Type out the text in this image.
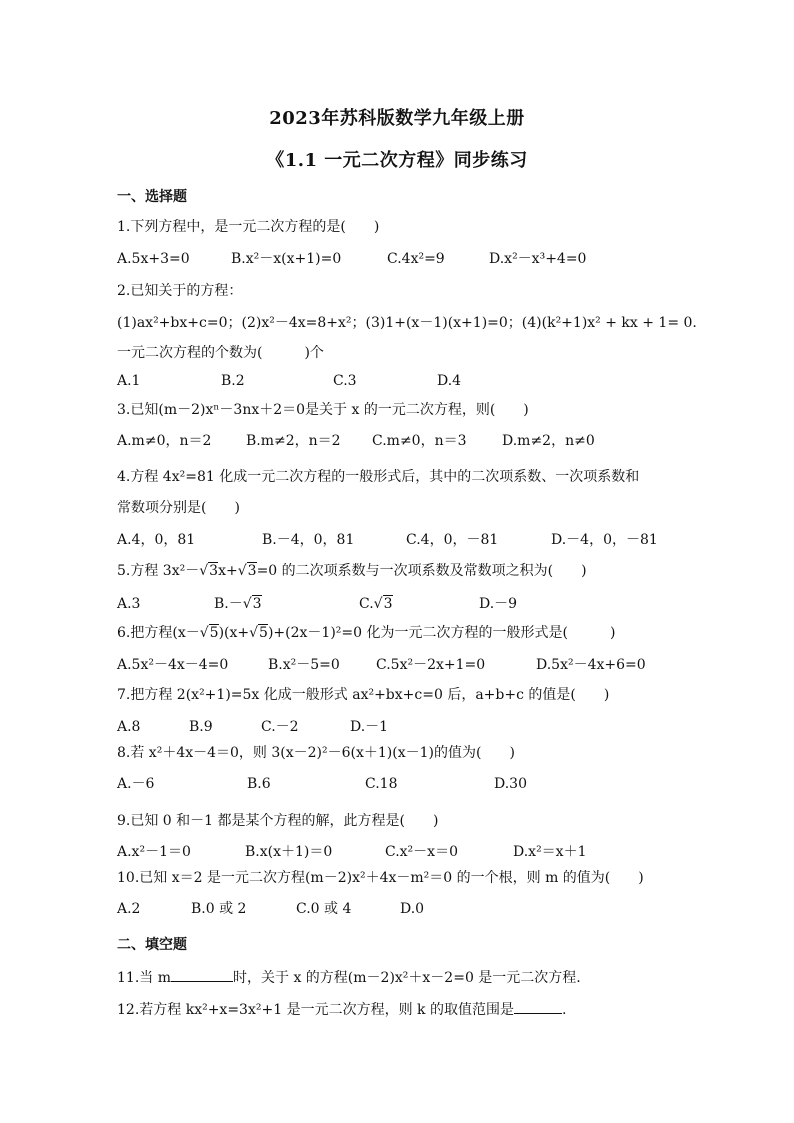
2023年苏科版数学九年级上册
《1.1 一元二次方程》同步练习
一、选择题
1.下列方程中，是一元二次方程的是(　　)
A.5x+3=0	B.x²－x(x+1)=0	C.4x²=9	D.x²－x³+4=0
2.已知关于的方程：
(1)ax²+bx+c=0；(2)x²－4x=8+x²；(3)1+(x－1)(x+1)=0；(4)(k²+1)x² + kx + 1= 0.
一元二次方程的个数为(　　　)个
A.1	B.2	C.3	D.4
3.已知(m－2)xⁿ－3nx＋2＝0是关于 x 的一元二次方程，则(　　)
A.m≠0，n＝2 B.m≠2，n＝2 C.m≠0，n＝3	D.m≠2，n≠0
4.方程 4x²=81 化成一元二次方程的一般形式后，其中的二次项系数、一次项系数和
常数项分别是(　　)
A.4，0，81	B.－4，0，81	C.4，0，－81	D.－4，0，－81
5.方程 3x²－√3x+√3=0 的二次项系数与一次项系数及常数项之积为(　　)
A.3	B.－√3	C.√3	D.－9
6.把方程(x－√5)(x+√5)+(2x－1)²=0 化为一元二次方程的一般形式是(　　　)
A.5x²－4x－4=0	B.x²－5=0	C.5x²－2x+1=0	D.5x²－4x+6=0
7.把方程 2(x²+1)=5x 化成一般形式 ax²+bx+c=0 后，a+b+c 的值是(　　)
A.8	B.9	C.－2	D.－1
8.若 x²＋4x－4＝0，则 3(x－2)²－6(x＋1)(x－1)的值为(　　)
A.－6	B.6	C.18	D.30
9.已知 0 和－1 都是某个方程的解，此方程是(　　)
A.x²－1＝0	B.x(x＋1)＝0	C.x²－x＝0	D.x²＝x＋1
10.已知 x＝2 是一元二次方程(m－2)x²＋4x－m²＝0 的一个根，则 m 的值为(　　)
A.2	B.0 或 2	C.0 或 4	D.0
二、填空题
11.当 m	时，关于 x 的方程(m－2)x²＋x－2=0 是一元二次方程.
12.若方程 kx²+x=3x²+1 是一元二次方程，则 k 的取值范围是	.
